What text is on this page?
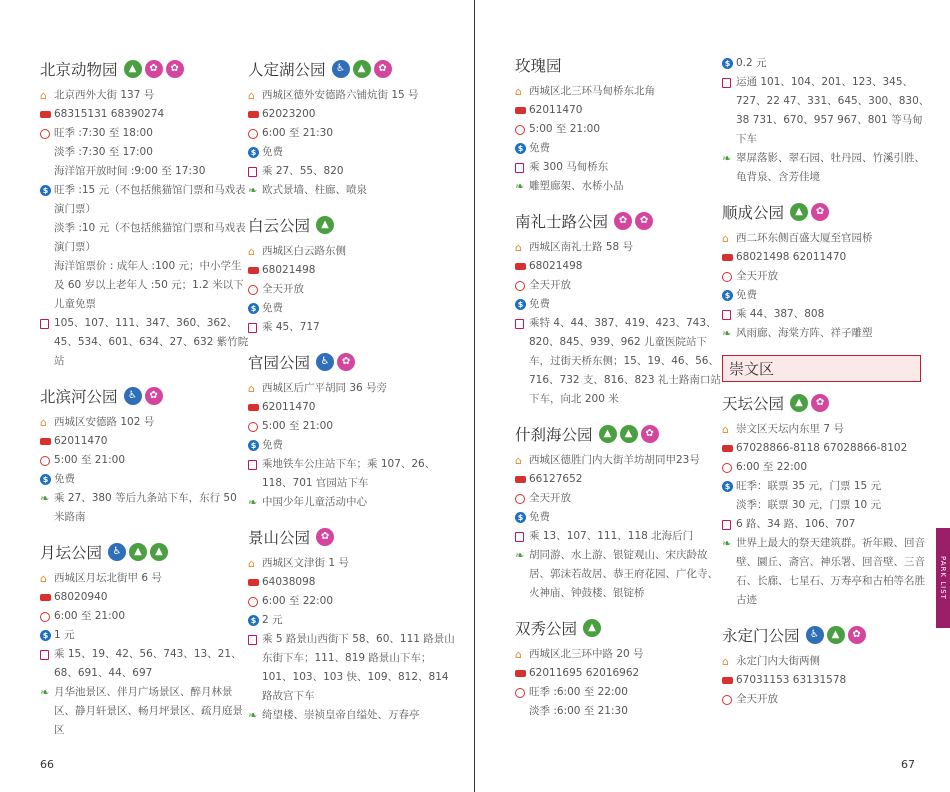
北京动物园	▲	✿	✿
⌂ 北京西外大街 137 号
68315131 68390274
旺季 :7:30 至 18:00
淡季 :7:30 至 17:00
海洋馆开放时间 :9:00 至 17:30
$ 旺季 :15 元（不包括熊猫馆门票和马戏表演门票）
淡季 :10 元（不包括熊猫馆门票和马戏表演门票）
海洋馆票价 : 成年人 :100 元；中小学生及 60 岁以上老年人 :50 元；1.2 米以下儿童免票
105、107、111、347、360、362、45、534、601、634、27、632 紫竹院站
北滨河公园	♿	✿
⌂ 西城区安德路 102 号
62011470
5:00 至 21:00
$ 免费
❧ 乘 27、380 等后九条站下车，东行 50 米路南
月坛公园	♿	▲	▲
⌂ 西城区月坛北街甲 6 号
68020940
6:00 至 21:00
$ 1 元
乘 15、19、42、56、743、13、21、68、691、44、697
❧ 月华池景区、伴月广场景区、醉月林景区、静月轩景区、畅月坪景区、疏月庭景区
人定湖公园	♿	▲	✿
⌂ 西城区德外安德路六铺炕街 15 号
62023200
6:00 至 21:30
$ 免费
乘 27、55、820
❧ 欧式景墙、柱廊、喷泉
白云公园	▲
⌂ 西城区白云路东侧
68021498
全天开放
$ 免费
乘 45、717
官园公园	♿	✿
⌂ 西城区后广平胡同 36 号旁
62011470
5:00 至 21:00
$ 免费
乘地铁车公庄站下车；乘 107、26、118、701 官园站下车
❧ 中国少年儿童活动中心
景山公园	✿
⌂ 西城区文津街 1 号
64038098
6:00 至 22:00
$ 2 元
乘 5 路景山西街下 58、60、111 路景山东街下车；111、819 路景山下车；101、103、103 快、109、812、814 路故宫下车
❧ 绮望楼、崇祯皇帝自缢处、万春亭
玫瑰园
⌂ 西城区北三环马甸桥东北角
62011470
5:00 至 21:00
$ 免费
乘 300 马甸桥东
❧ 雕塑廊架、水桥小品
南礼士路公园	✿	✿
⌂ 西城区南礼士路 58 号
68021498
全天开放
$ 免费
乘特 4、44、387、419、423、743、820、845、939、962 儿童医院站下车，过街天桥东侧；15、19、46、56、716、732 支、816、823 礼士路南口站下车，向北 200 米
什刹海公园	▲	▲	✿
⌂ 西城区德胜门内大街羊坊胡同甲23号
66127652
全天开放
$ 免费
乘 13、107、111、118 北海后门
❧ 胡同游、水上游、银锭观山、宋庆龄故居、郭沫若故居、恭王府花园、广化寺、火神庙、钟鼓楼、银锭桥
双秀公园	▲
⌂ 西城区北三环中路 20 号
62011695 62016962
旺季 :6:00 至 22:00
淡季 :6:00 至 21:30
$ 0.2 元
运通 101、104、201、123、345、727、22 47、331、645、300、830、38 731、670、957 967、801 等马甸下车
❧ 翠屏落影、翠石园、牡丹园、竹溪引胜、龟背泉、含芳佳境
顺成公园	▲	✿
⌂ 西二环东侧百盛大厦至官园桥
68021498 62011470
全天开放
$ 免费
乘 44、387、808
❧ 风雨廊、海棠方阵、祥子雕塑
崇文区
天坛公园	▲	✿
⌂ 崇文区天坛内东里 7 号
67028866-8118 67028866-8102
6:00 至 22:00
$ 旺季：联票 35 元，门票 15 元
淡季：联票 30 元，门票 10 元
6 路、34 路、106、707
❧ 世界上最大的祭天建筑群。祈年殿、回音壁、圜丘、斋宫、神乐署、回音壁、三音石、长廊、七星石、万寿亭和古柏等名胜古迹
永定门公园	♿	▲	✿
⌂ 永定门内大街两侧
67031153 63131578
全天开放
66	67
PARK LIST
